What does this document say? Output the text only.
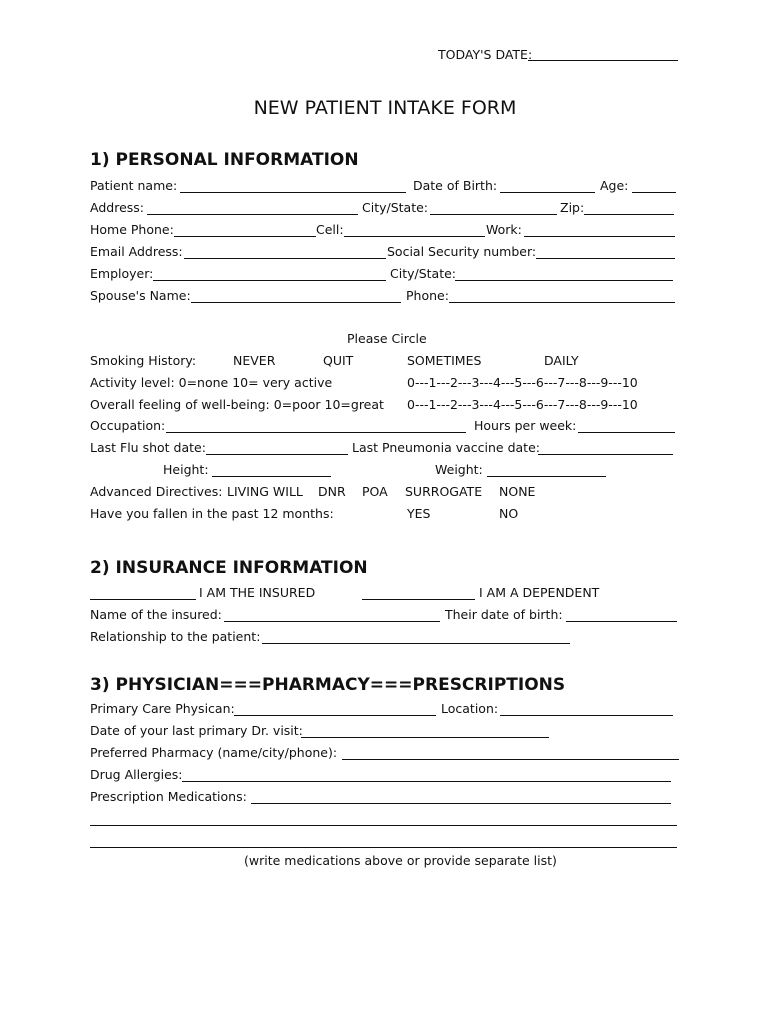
TODAY'S DATE:
NEW PATIENT INTAKE FORM
1) PERSONAL INFORMATION
Patient name:	Date of Birth:	Age:
Address:	City/State:	Zip:
Home Phone:	Cell:	Work:
Email Address:	Social Security number:
Employer:	City/State:
Spouse's Name:	Phone:
Please Circle
Smoking History:	NEVER	QUIT	SOMETIMES	DAILY
Activity level: 0=none 10= very active	0---1---2---3---4---5---6---7---8---9---10
Overall feeling of well-being: 0=poor 10=great 0---1---2---3---4---5---6---7---8---9---10
Occupation:	Hours per week:
Last Flu shot date:	Last Pneumonia vaccine date:
Height:	Weight:
Advanced Directives: LIVING WILL DNR POA SURROGATE NONE
Have you fallen in the past 12 months:	YES	NO
2) INSURANCE INFORMATION
I AM THE INSURED	I AM A DEPENDENT
Name of the insured:	Their date of birth:
Relationship to the patient:
3) PHYSICIAN===PHARMACY===PRESCRIPTIONS
Primary Care Physican:	Location:
Date of your last primary Dr. visit:
Preferred Pharmacy (name/city/phone):
Drug Allergies:
Prescription Medications:
(write medications above or provide separate list)
